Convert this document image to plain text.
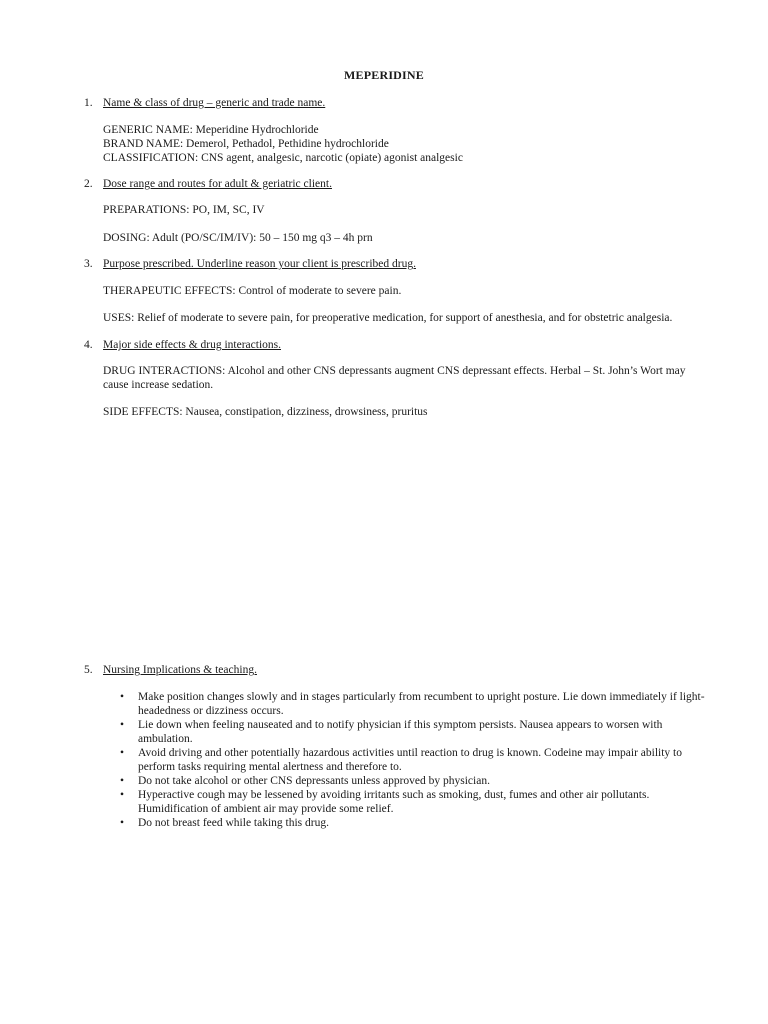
MEPERIDINE
1. Name & class of drug – generic and trade name.
GENERIC NAME: Meperidine Hydrochloride
BRAND NAME: Demerol, Pethadol, Pethidine hydrochloride
CLASSIFICATION: CNS agent, analgesic, narcotic (opiate) agonist analgesic
2. Dose range and routes for adult & geriatric client.
PREPARATIONS: PO, IM, SC, IV
DOSING: Adult (PO/SC/IM/IV): 50 – 150 mg q3 – 4h prn
3. Purpose prescribed. Underline reason your client is prescribed drug.
THERAPEUTIC EFFECTS: Control of moderate to severe pain.
USES: Relief of moderate to severe pain, for preoperative medication, for support of anesthesia, and for obstetric analgesia.
4. Major side effects & drug interactions.
DRUG INTERACTIONS: Alcohol and other CNS depressants augment CNS depressant effects. Herbal – St. John’s Wort may cause increase sedation.
SIDE EFFECTS: Nausea, constipation, dizziness, drowsiness, pruritus
5. Nursing Implications & teaching.
• Make position changes slowly and in stages particularly from recumbent to upright posture. Lie down immediately if light-headedness or dizziness occurs.
• Lie down when feeling nauseated and to notify physician if this symptom persists. Nausea appears to worsen with ambulation.
• Avoid driving and other potentially hazardous activities until reaction to drug is known. Codeine may impair ability to perform tasks requiring mental alertness and therefore to.
• Do not take alcohol or other CNS depressants unless approved by physician.
• Hyperactive cough may be lessened by avoiding irritants such as smoking, dust, fumes and other air pollutants. Humidification of ambient air may provide some relief.
• Do not breast feed while taking this drug.
